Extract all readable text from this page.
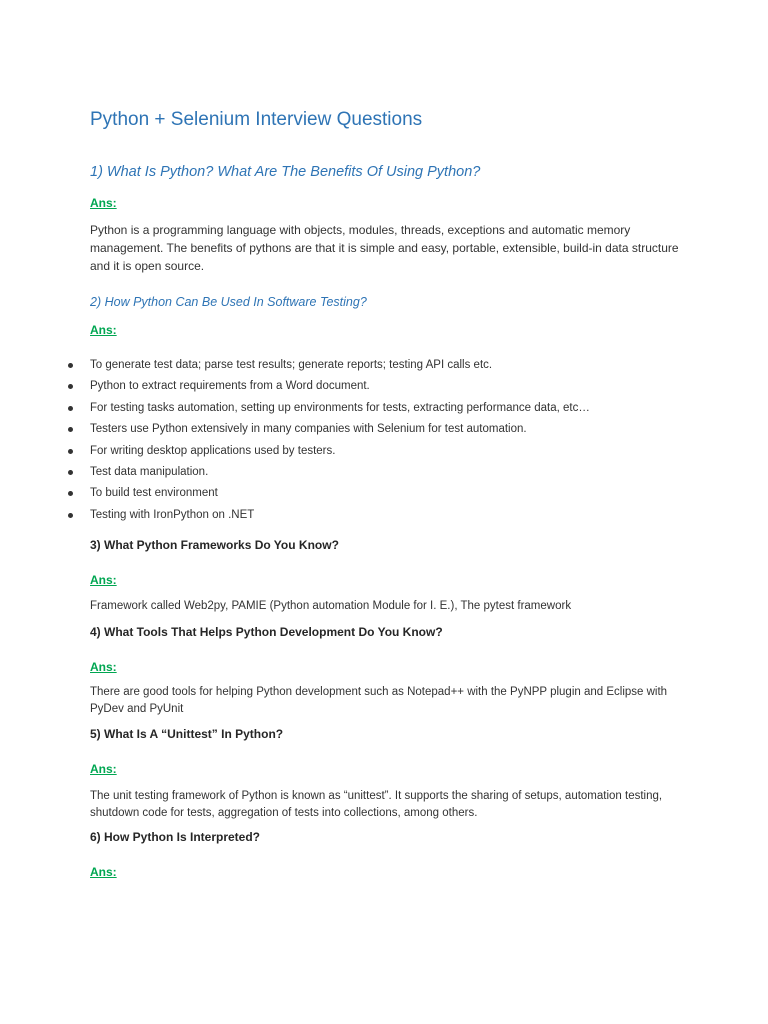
Python + Selenium Interview Questions
1) What Is Python? What Are The Benefits Of Using Python?
Ans:
Python is a programming language with objects, modules, threads, exceptions and automatic memory management. The benefits of pythons are that it is simple and easy, portable, extensible, build-in data structure and it is open source.
2) How Python Can Be Used In Software Testing?
Ans:
To generate test data; parse test results; generate reports; testing API calls etc.
Python to extract requirements from a Word document.
For testing tasks automation, setting up environments for tests, extracting performance data, etc…
Testers use Python extensively in many companies with Selenium for test automation.
For writing desktop applications used by testers.
Test data manipulation.
To build test environment
Testing with IronPython on .NET
3) What Python Frameworks Do You Know?
Ans:
Framework called Web2py, PAMIE (Python automation Module for I. E.), The pytest framework
4) What Tools That Helps Python Development Do You Know?
Ans:
There are good tools for helping Python development such as Notepad++ with the PyNPP plugin and Eclipse with PyDev and PyUnit
5) What Is A “Unittest” In Python?
Ans:
The unit testing framework of Python is known as “unittest”. It supports the sharing of setups, automation testing, shutdown code for tests, aggregation of tests into collections, among others.
6) How Python Is Interpreted?
Ans:
